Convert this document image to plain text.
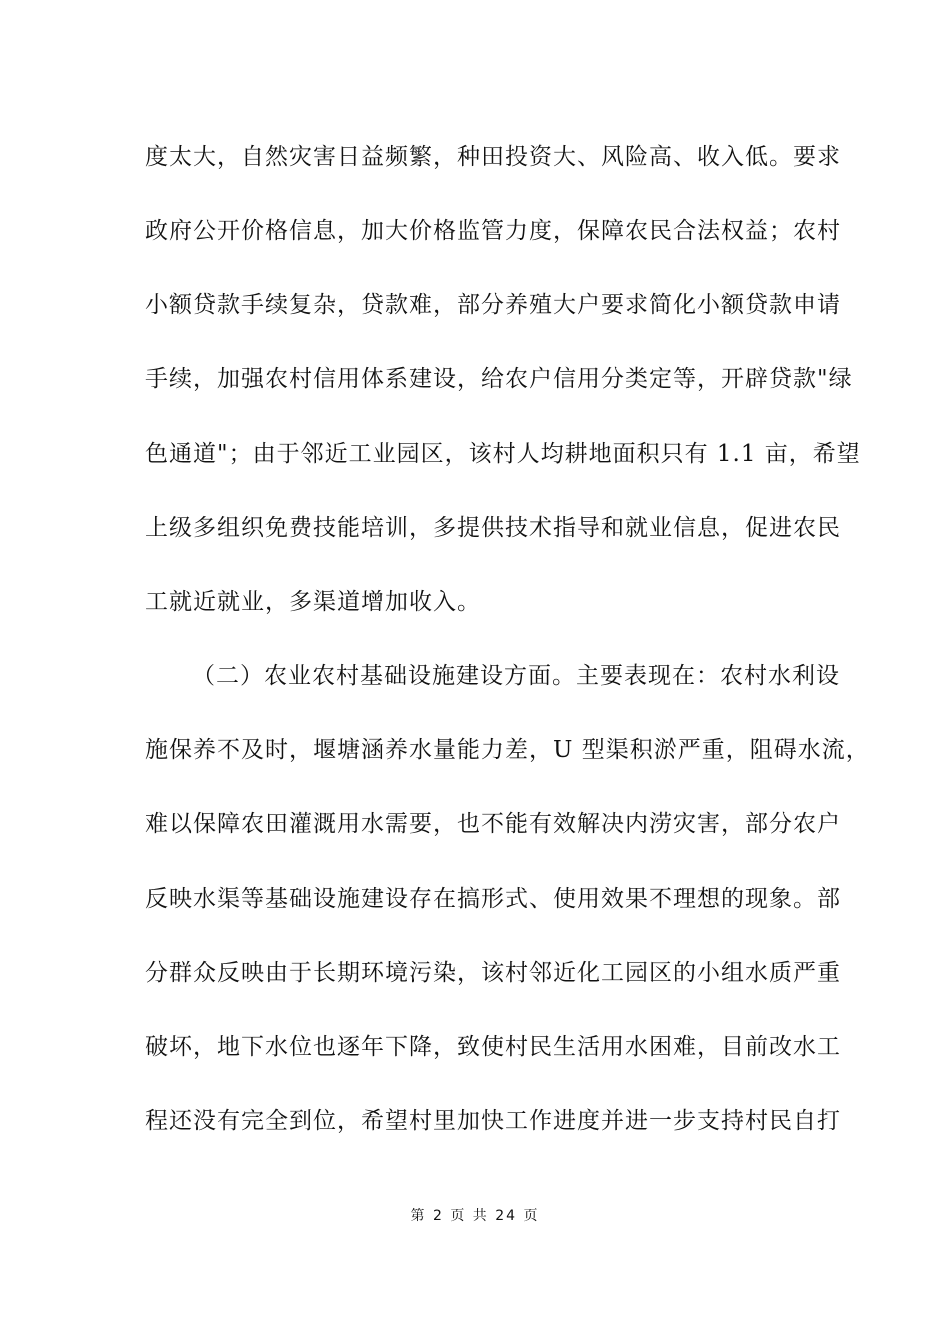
度太大，自然灾害日益频繁，种田投资大、风险高、收入低。要求
政府公开价格信息，加大价格监管力度，保障农民合法权益；农村
小额贷款手续复杂，贷款难，部分养殖大户要求简化小额贷款申请
手续，加强农村信用体系建设，给农户信用分类定等，开辟贷款"绿
色通道"；由于邻近工业园区，该村人均耕地面积只有 1.1 亩，希望
上级多组织免费技能培训，多提供技术指导和就业信息，促进农民
工就近就业，多渠道增加收入。
（二）农业农村基础设施建设方面。主要表现在：农村水利设
施保养不及时，堰塘涵养水量能力差，U 型渠积淤严重，阻碍水流，
难以保障农田灌溉用水需要，也不能有效解决内涝灾害，部分农户
反映水渠等基础设施建设存在搞形式、使用效果不理想的现象。部
分群众反映由于长期环境污染，该村邻近化工园区的小组水质严重
破坏，地下水位也逐年下降，致使村民生活用水困难，目前改水工
程还没有完全到位，希望村里加快工作进度并进一步支持村民自打
第 2 页 共 24 页
